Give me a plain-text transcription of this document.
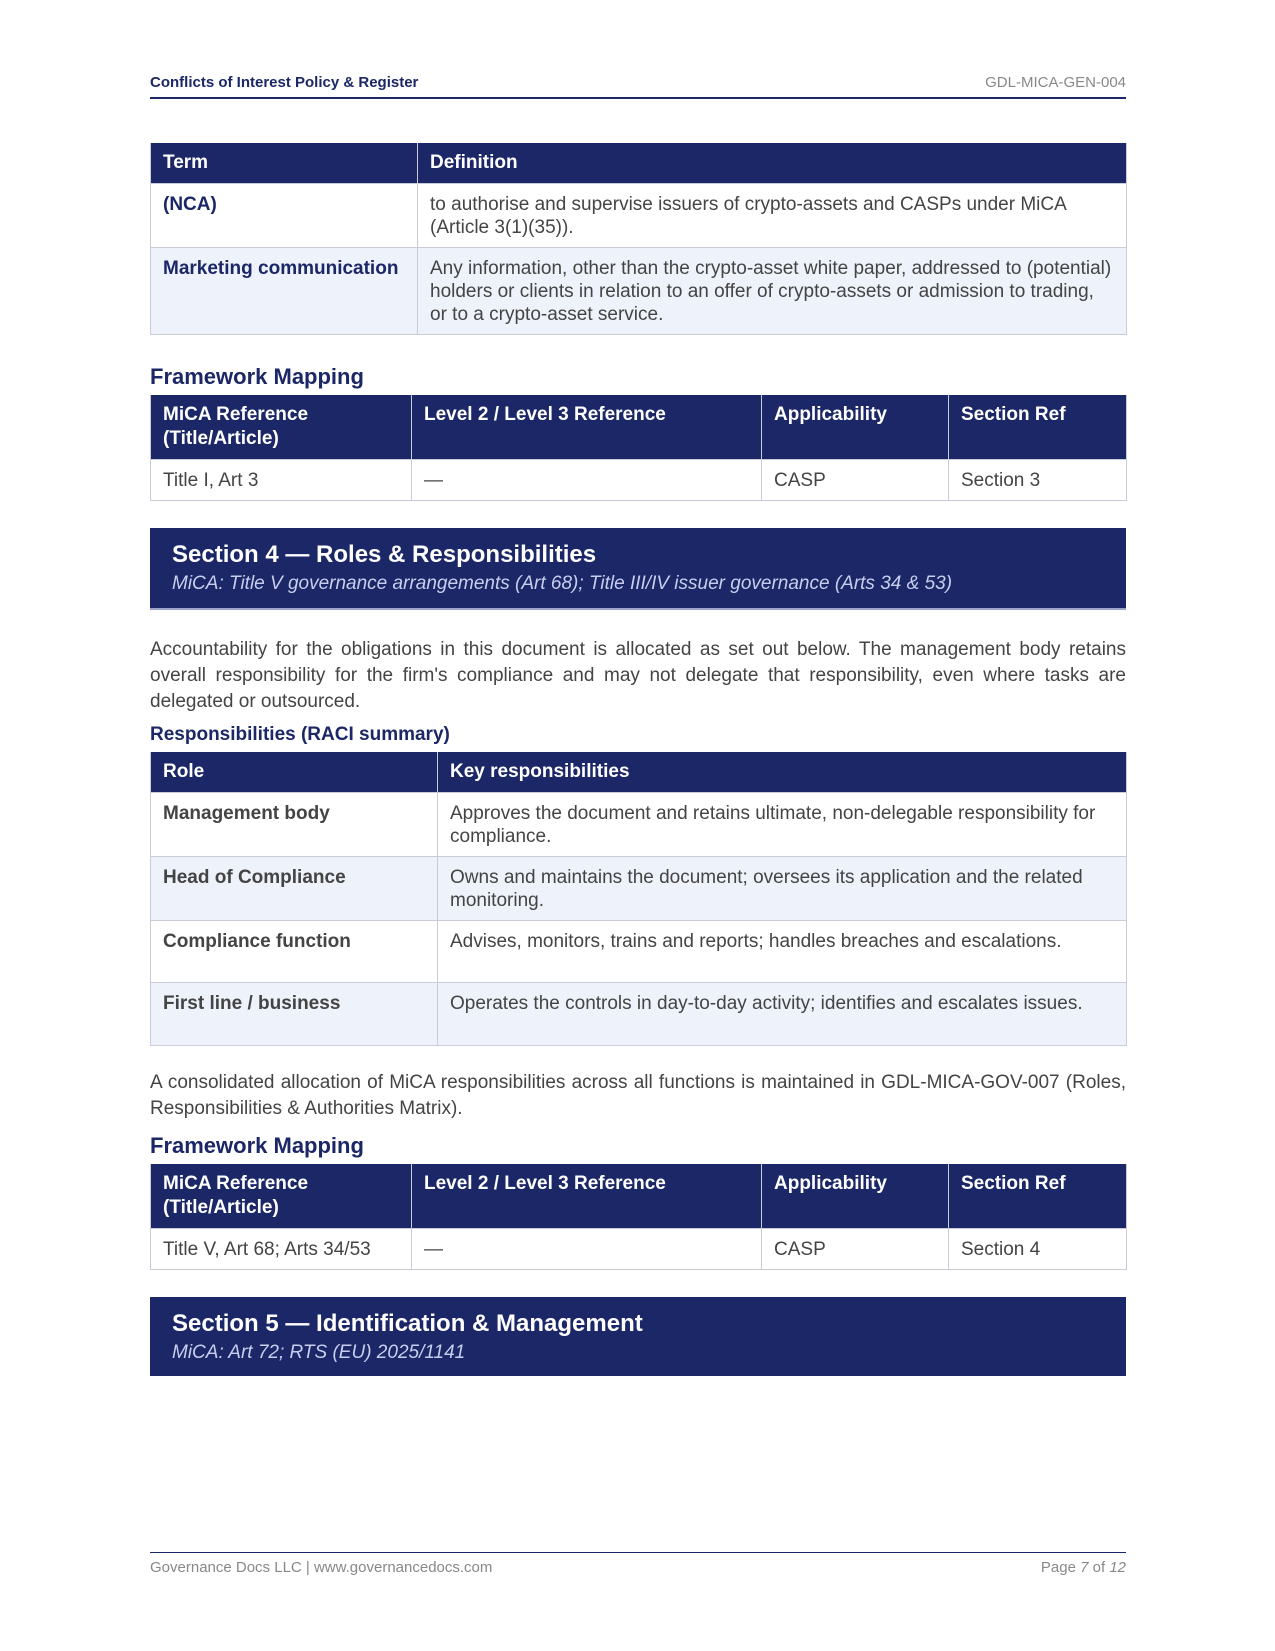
Conflicts of Interest Policy & Register	GDL-MICA-GEN-004
Term	Definition
(NCA)	to authorise and supervise issuers of crypto-assets and CASPs under MiCA (Article 3(1)(35)).
Marketing communication	Any information, other than the crypto-asset white paper, addressed to (potential) holders or clients in relation to an offer of crypto-assets or admission to trading, or to a crypto-asset service.
Framework Mapping
MiCA Reference (Title/Article)	Level 2 / Level 3 Reference	Applicability	Section Ref
Title I, Art 3	—	CASP	Section 3
Section 4 — Roles & Responsibilities
MiCA: Title V governance arrangements (Art 68); Title III/IV issuer governance (Arts 34 & 53)

Accountability for the obligations in this document is allocated as set out below. The management body retains overall responsibility for the firm's compliance and may not delegate that responsibility, even where tasks are delegated or outsourced.

Responsibilities (RACI summary)
Role	Key responsibilities
Management body	Approves the document and retains ultimate, non-delegable responsibility for compliance.
Head of Compliance	Owns and maintains the document; oversees its application and the related monitoring.
Compliance function	Advises, monitors, trains and reports; handles breaches and escalations.
First line / business	Operates the controls in day-to-day activity; identifies and escalates issues.

A consolidated allocation of MiCA responsibilities across all functions is maintained in GDL-MICA-GOV-007 (Roles, Responsibilities & Authorities Matrix).

Framework Mapping
MiCA Reference (Title/Article)	Level 2 / Level 3 Reference	Applicability	Section Ref
Title V, Art 68; Arts 34/53	—	CASP	Section 4
Section 5 — Identification & Management
MiCA: Art 72; RTS (EU) 2025/1141
Governance Docs LLC | www.governancedocs.com	Page 7 of 12
